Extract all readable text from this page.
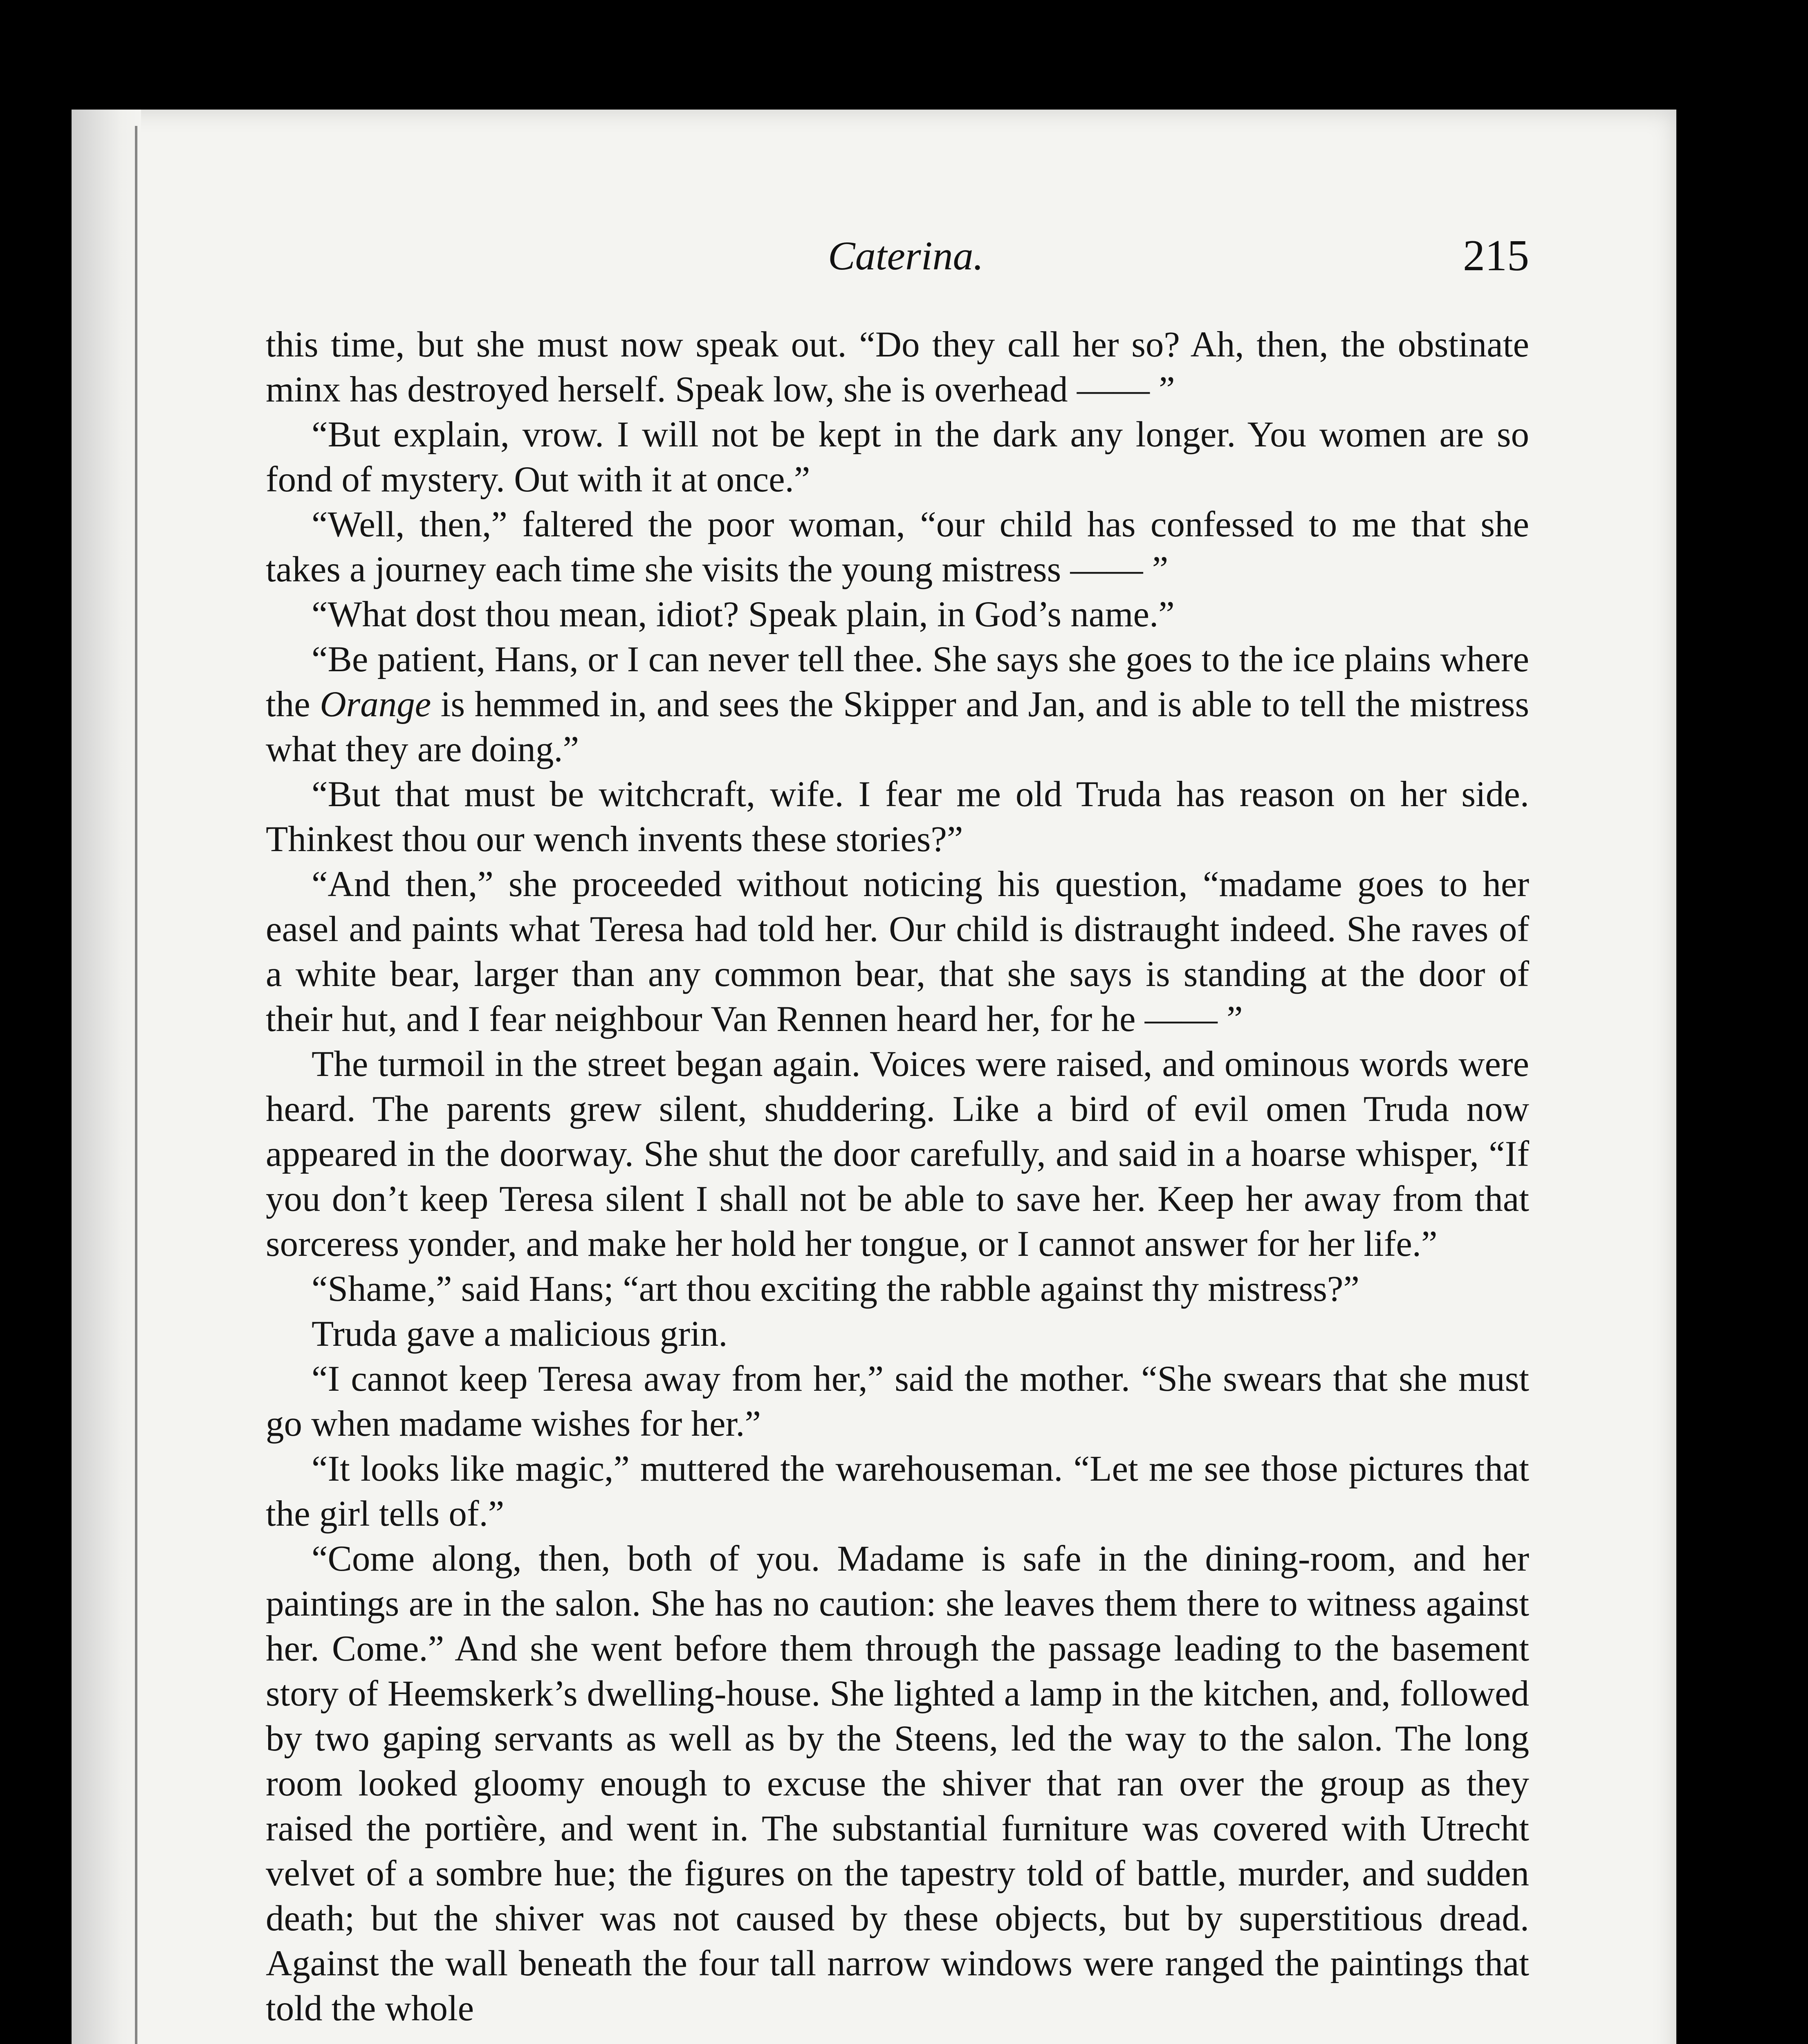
Caterina.	215

this time, but she must now speak out. “Do they call her so? Ah, then, the obstinate minx has destroyed herself. Speak low, she is overhead —— ”

“But explain, vrow. I will not be kept in the dark any longer. You women are so fond of mystery. Out with it at once.”

“Well, then,” faltered the poor woman, “our child has confessed to me that she takes a journey each time she visits the young mistress —— ”

“What dost thou mean, idiot? Speak plain, in God’s name.”

“Be patient, Hans, or I can never tell thee. She says she goes to the ice plains where the Orange is hemmed in, and sees the Skipper and Jan, and is able to tell the mistress what they are doing.”

“But that must be witchcraft, wife. I fear me old Truda has reason on her side. Thinkest thou our wench invents these stories?”

“And then,” she proceeded without noticing his question, “madame goes to her easel and paints what Teresa had told her. Our child is distraught indeed. She raves of a white bear, larger than any common bear, that she says is standing at the door of their hut, and I fear neighbour Van Rennen heard her, for he —— ”

The turmoil in the street began again. Voices were raised, and ominous words were heard. The parents grew silent, shuddering. Like a bird of evil omen Truda now appeared in the doorway. She shut the door carefully, and said in a hoarse whisper, “If you don’t keep Teresa silent I shall not be able to save her. Keep her away from that sorceress yonder, and make her hold her tongue, or I cannot answer for her life.”

“Shame,” said Hans; “art thou exciting the rabble against thy mistress?”

Truda gave a malicious grin.

“I cannot keep Teresa away from her,” said the mother. “She swears that she must go when madame wishes for her.”

“It looks like magic,” muttered the warehouseman. “Let me see those pictures that the girl tells of.”

“Come along, then, both of you. Madame is safe in the dining-room, and her paintings are in the salon. She has no caution: she leaves them there to witness against her. Come.” And she went before them through the passage leading to the basement story of Heemskerk’s dwelling-house. She lighted a lamp in the kitchen, and, followed by two gaping servants as well as by the Steens, led the way to the salon. The long room looked gloomy enough to excuse the shiver that ran over the group as they raised the portière, and went in. The substantial furniture was covered with Utrecht velvet of a sombre hue; the figures on the tapestry told of battle, murder, and sudden death; but the shiver was not caused by these objects, but by superstitious dread. Against the wall beneath the four tall narrow windows were ranged the paintings that told the whole
